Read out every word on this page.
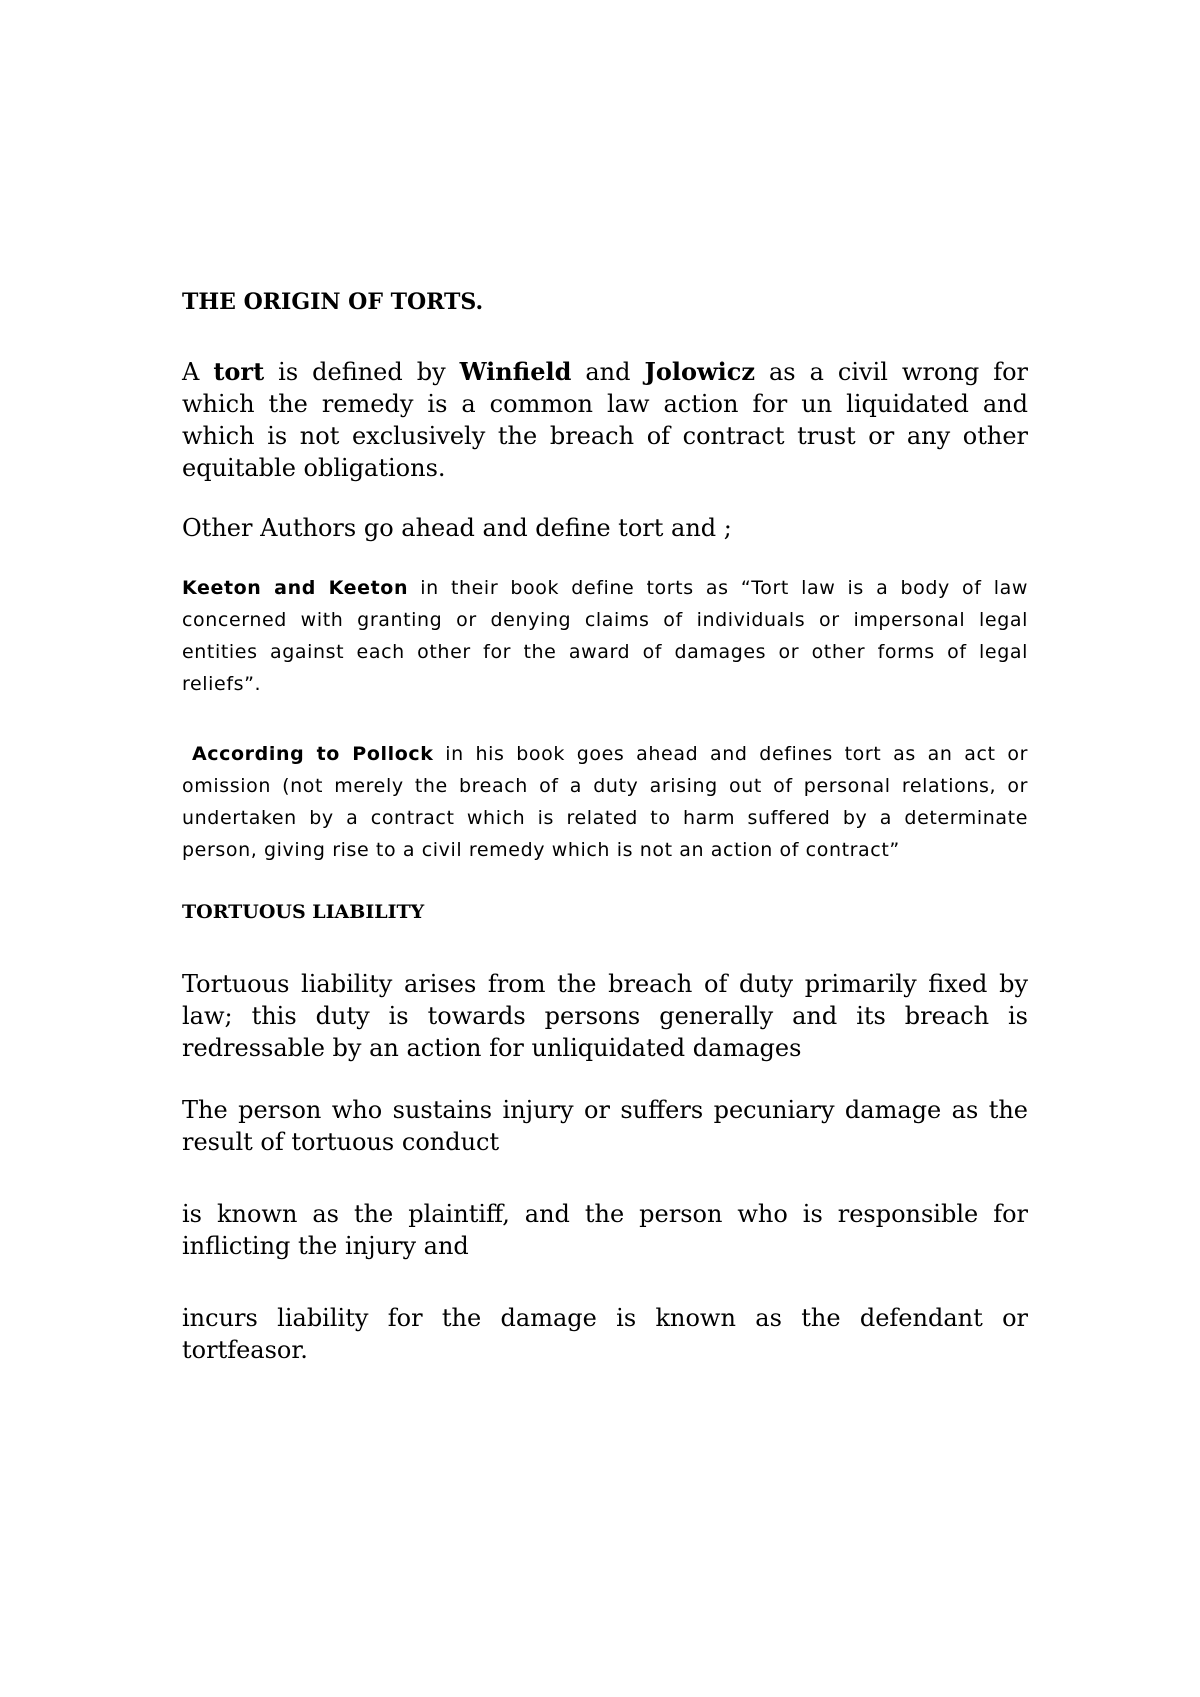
THE ORIGIN OF TORTS.

A tort is defined by Winfield and Jolowicz as a civil wrong for which the remedy is a common law action for un liquidated and which is not exclusively the breach of contract trust or any other equitable obligations.

Other Authors go ahead and define tort and ;

Keeton and Keeton in their book define torts as “Tort law is a body of law concerned with granting or denying claims of individuals or impersonal legal entities against each other for the award of damages or other forms of legal reliefs”.

According to Pollock in his book goes ahead and defines tort as an act or omission (not merely the breach of a duty arising out of personal relations, or undertaken by a contract which is related to harm suffered by a determinate person, giving rise to a civil remedy which is not an action of contract”

TORTUOUS LIABILITY

Tortuous liability arises from the breach of duty primarily fixed by law; this duty is towards persons generally and its breach is redressable by an action for unliquidated damages

The person who sustains injury or suffers pecuniary damage as the result of tortuous conduct

is known as the plaintiff, and the person who is responsible for inflicting the injury and

incurs liability for the damage is known as the defendant or tortfeasor.
